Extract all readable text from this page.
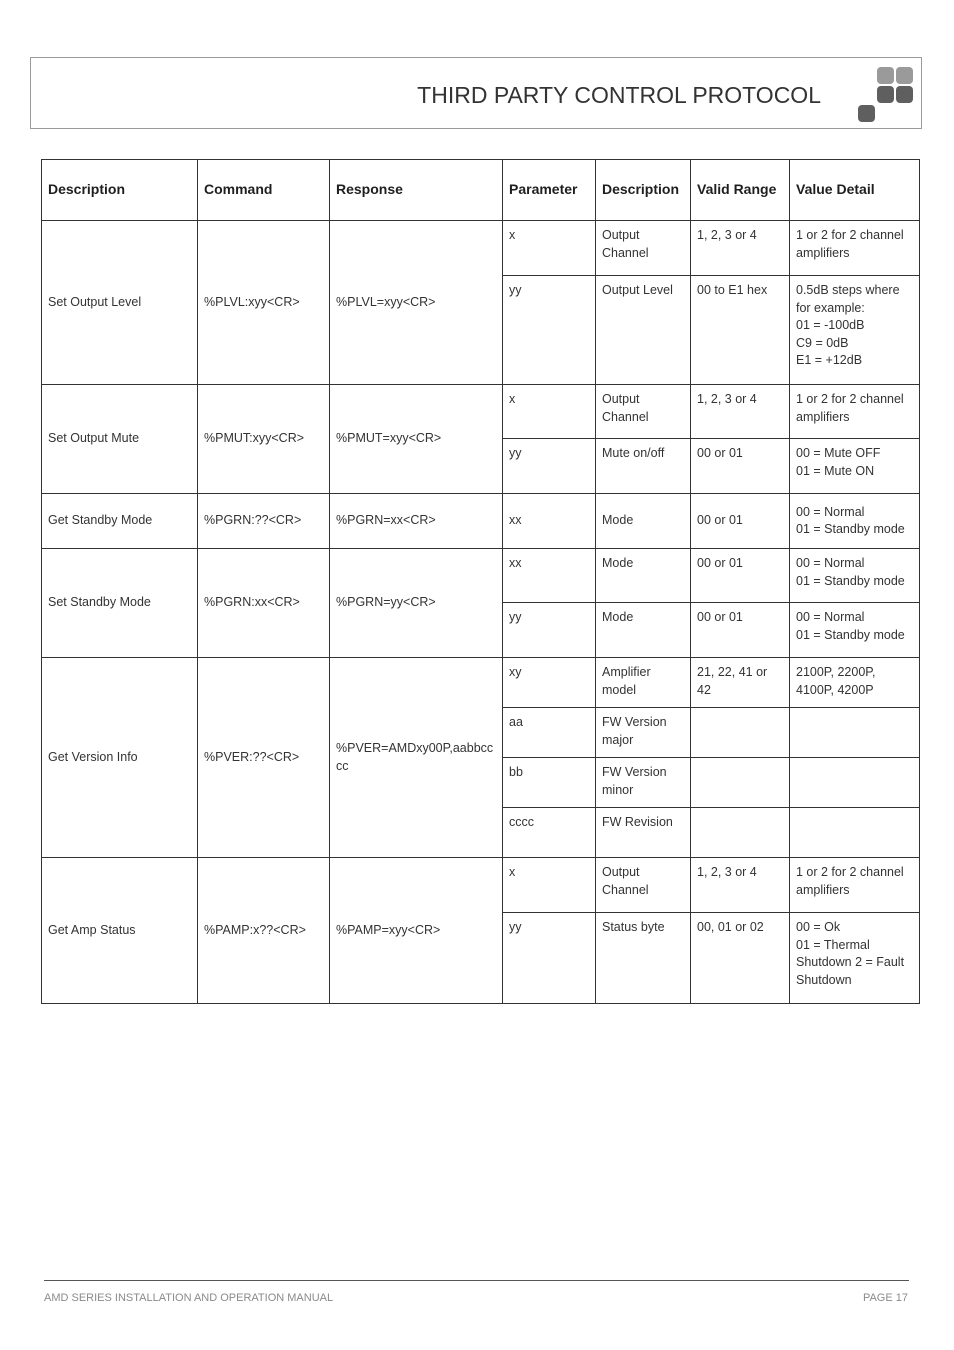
THIRD PARTY CONTROL PROTOCOL
Description	Command	Response	Parameter	Description	Valid Range	Value Detail
Set Output Level	%PLVL:xyy<CR>	%PLVL=xyy<CR>	x	Output Channel	1, 2, 3 or 4	1 or 2 for 2 channel amplifiers

			yy	Output Level	00 to E1 hex	0.5dB steps where for example:
01 = -100dB
C9 = 0dB
E1 = +12dB

Set Output Mute	%PMUT:xyy<CR>	%PMUT=xyy<CR>	x	Output Channel	1, 2, 3 or 4	1 or 2 for 2 channel amplifiers

			yy	Mute on/off	00 or 01	00 = Mute OFF
01 = Mute ON

Get Standby Mode	%PGRN:??<CR>	%PGRN=xx<CR>	xx	Mode	00 or 01	00 = Normal
01 = Standby mode

Set Standby Mode	%PGRN:xx<CR>	%PGRN=yy<CR>	xx	Mode	00 or 01	00 = Normal
01 = Standby mode

			yy	Mode	00 or 01	00 = Normal
01 = Standby mode

Get Version Info	%PVER:??<CR>	%PVER=AMDxy00P,aabbcccc	xy	Amplifier model	21, 22, 41 or 42	2100P, 2200P, 4100P, 4200P

			aa	FW Version major		
			bb	FW Version minor		
			cccc	FW Revision		
Get Amp Status	%PAMP:x??<CR>	%PAMP=xyy<CR>	x	Output Channel	1, 2, 3 or 4	1 or 2 for 2 channel amplifiers

			yy	Status byte	00, 01 or 02	00 = Ok
01 = Thermal Shutdown 2 = Fault Shutdown
AMD SERIES INSTALLATION AND OPERATION MANUAL	PAGE 17
